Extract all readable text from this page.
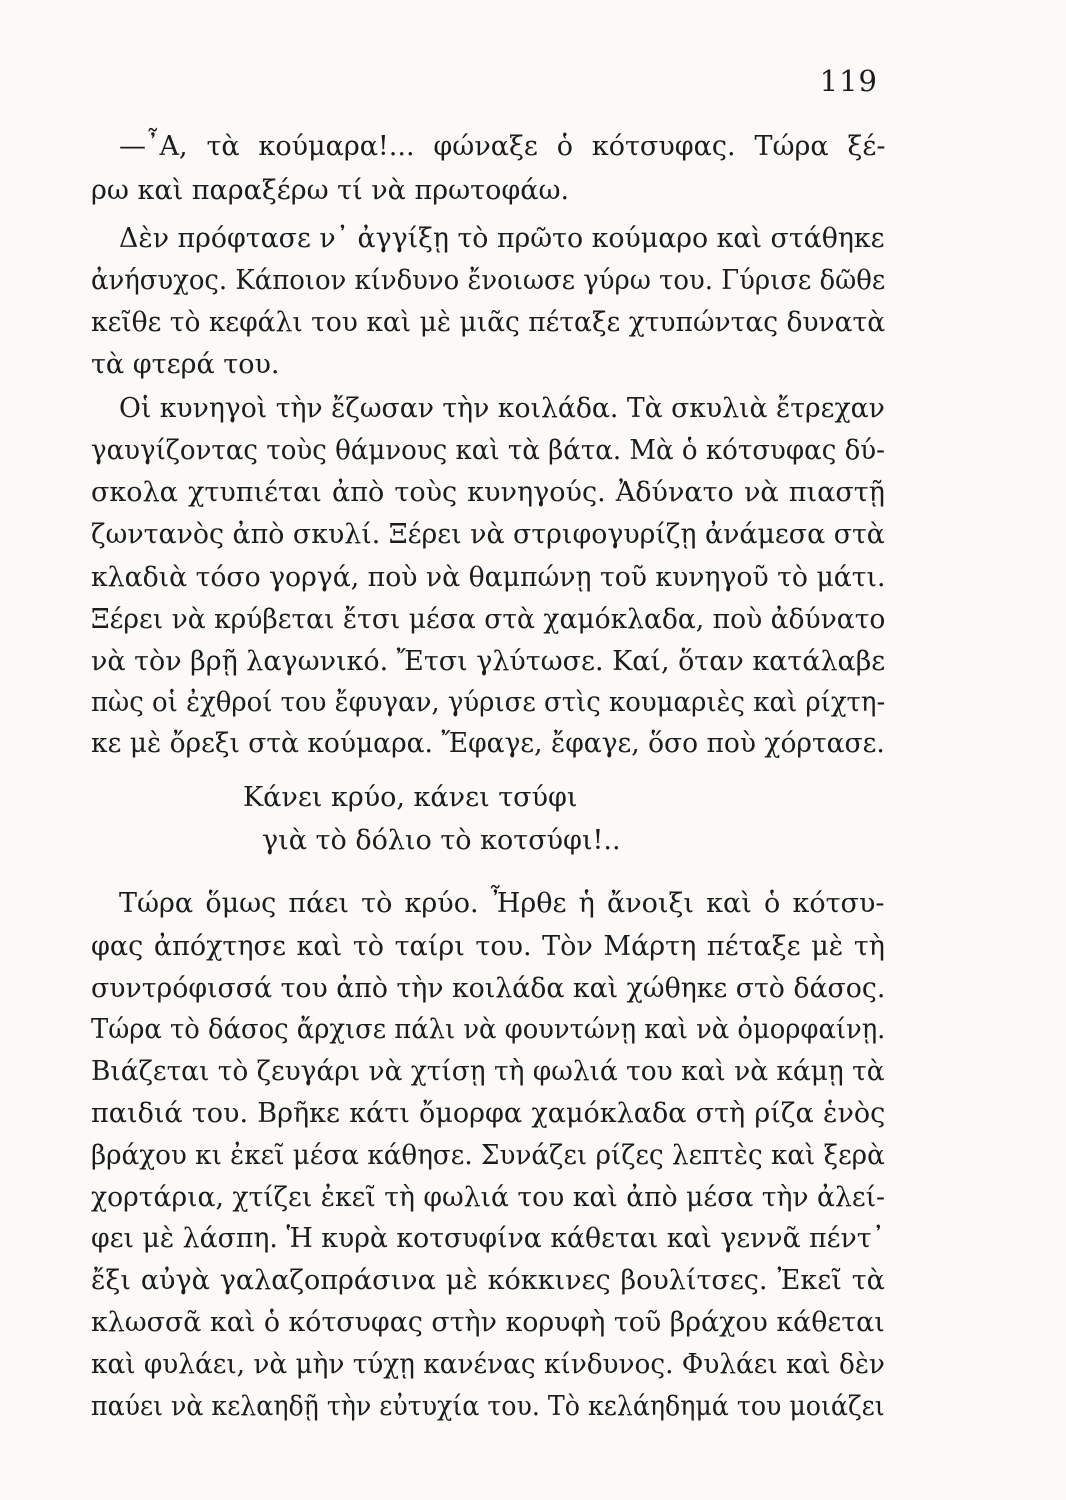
119
—῏Α, τὰ κούμαρα!... φώναξε ὁ κότσυφας. Τώρα ξέ-
ρω καὶ παραξέρω τί νὰ πρωτοφάω.
Δὲν πρόφτασε ν᾽ ἀγγίξῃ τὸ πρῶτο κούμαρο καὶ στάθηκε
ἀνήσυχος. Κάποιον κίνδυνο ἔνοιωσε γύρω του. Γύρισε δῶθε
κεῖθε τὸ κεφάλι του καὶ μὲ μιᾶς πέταξε χτυπώντας δυνατὰ
τὰ φτερά του.
Οἱ κυνηγοὶ τὴν ἔζωσαν τὴν κοιλάδα. Τὰ σκυλιὰ ἔτρεχαν
γαυγίζοντας τοὺς θάμνους καὶ τὰ βάτα. Μὰ ὁ κότσυφας δύ-
σκολα χτυπιέται ἀπὸ τοὺς κυνηγούς. Ἀδύνατο νὰ πιαστῇ
ζωντανὸς ἀπὸ σκυλί. Ξέρει νὰ στριφογυρίζῃ ἀνάμεσα στὰ
κλαδιὰ τόσο γοργά, ποὺ νὰ θαμπώνῃ τοῦ κυνηγοῦ τὸ μάτι.
Ξέρει νὰ κρύβεται ἔτσι μέσα στὰ χαμόκλαδα, ποὺ ἀδύνατο
νὰ τὸν βρῇ λαγωνικό. Ἔτσι γλύτωσε. Καί, ὅταν κατάλαβε
πὼς οἱ ἐχθροί του ἔφυγαν, γύρισε στὶς κουμαριὲς καὶ ρίχτη-
κε μὲ ὄρεξι στὰ κούμαρα. Ἔφαγε, ἔφαγε, ὅσο ποὺ χόρτασε.
Κάνει κρύο, κάνει τσύφι
γιὰ τὸ δόλιο τὸ κοτσύφι!..
Τώρα ὅμως πάει τὸ κρύο. Ἦρθε ἡ ἄνοιξι καὶ ὁ κότσυ-
φας ἀπόχτησε καὶ τὸ ταίρι του. Τὸν Μάρτη πέταξε μὲ τὴ
συντρόφισσά του ἀπὸ τὴν κοιλάδα καὶ χώθηκε στὸ δάσος.
Τώρα τὸ δάσος ἄρχισε πάλι νὰ φουντώνῃ καὶ νὰ ὀμορφαίνῃ.
Βιάζεται τὸ ζευγάρι νὰ χτίσῃ τὴ φωλιά του καὶ νὰ κάμῃ τὰ
παιδιά του. Βρῆκε κάτι ὄμορφα χαμόκλαδα στὴ ρίζα ἑνὸς
βράχου κι ἐκεῖ μέσα κάθησε. Συνάζει ρίζες λεπτὲς καὶ ξερὰ
χορτάρια, χτίζει ἐκεῖ τὴ φωλιά του καὶ ἀπὸ μέσα τὴν ἀλεί-
φει μὲ λάσπη. Ἡ κυρὰ κοτσυφίνα κάθεται καὶ γεννᾶ πέντ᾽
ἔξι αὐγὰ γαλαζοπράσινα μὲ κόκκινες βουλίτσες. Ἐκεῖ τὰ
κλωσσᾶ καὶ ὁ κότσυφας στὴν κορυφὴ τοῦ βράχου κάθεται
καὶ φυλάει, νὰ μὴν τύχῃ κανένας κίνδυνος. Φυλάει καὶ δὲν
παύει νὰ κελαηδῇ τὴν εὐτυχία του. Τὸ κελάηδημά του μοιάζει
